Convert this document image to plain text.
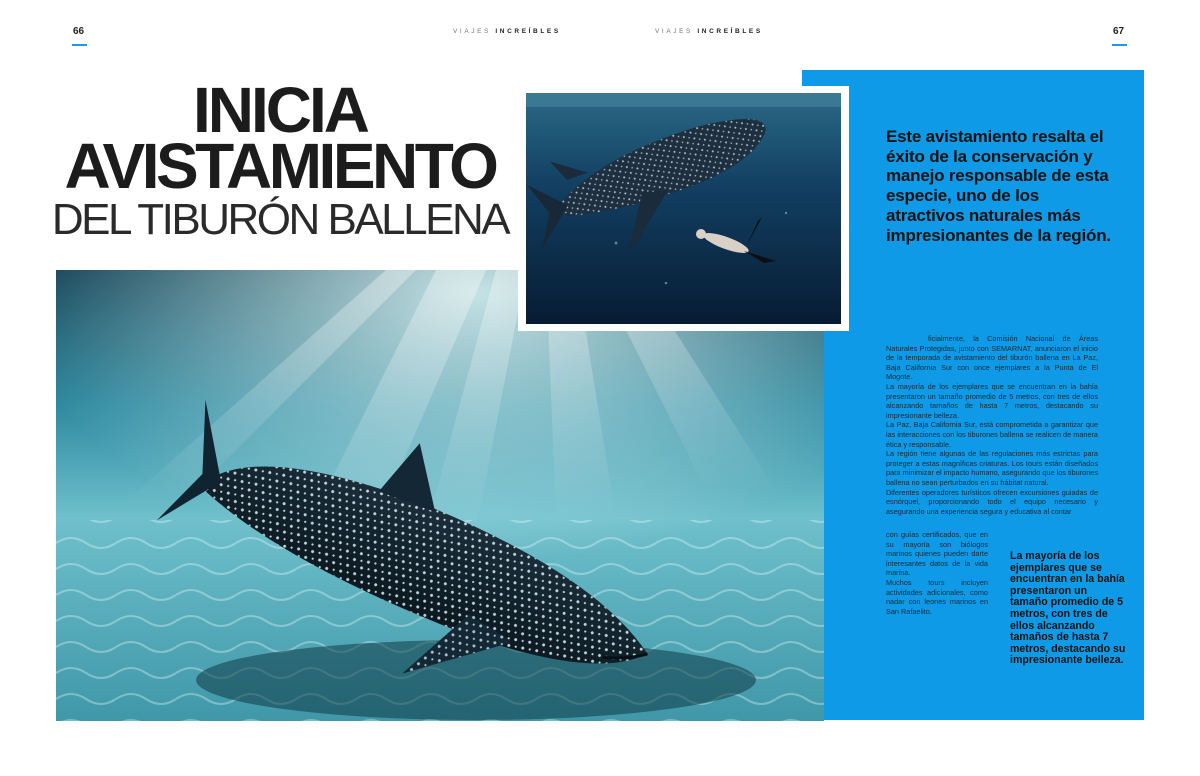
66	VIAJES INCREÍBLES	VIAJES INCREÍBLES	67
INICIA
AVISTAMIENTO
DEL TIBURÓN BALLENA

Este avistamiento resalta el éxito de la conservación y manejo responsable de esta especie, uno de los atractivos naturales más impresionantes de la región.

ficialmente, la Comisión Nacional de Áreas Naturales Protegidas, junto con SEMARNAT, anunciaron el inicio de la temporada de avistamiento del tiburón ballena en La Paz, Baja California Sur con once ejemplares a la Punta de El Mogote.

La mayoría de los ejemplares que se encuentran en la bahía presentaron un tamaño promedio de 5 metros, con tres de ellos alcanzando tamaños de hasta 7 metros, destacando su impresionante belleza.

La Paz, Baja California Sur, está comprometida a garantizar que las interacciones con los tiburones ballena se realicen de manera ética y responsable.

La región tiene algunas de las regulaciones más estrictas para proteger a estas magníficas criaturas. Los tours están diseñados para minimizar el impacto humano, asegurando que los tiburones ballena no sean perturbados en su hábitat natural.

Diferentes operadores turísticos ofrecen excursiones guiadas de esnórquel, proporcionando todo el equipo necesario y asegurando una experiencia segura y educativa al contar

con guías certificados, que en su mayoría son biólogos marinos quienes pueden darte interesantes datos de la vida marina.

Muchos tours incluyen actividades adicionales, como nadar con leones marinos en San Rafaelito.

La mayoría de los ejemplares que se encuentran en la bahía presentaron un tamaño promedio de 5 metros, con tres de ellos alcanzando tamaños de hasta 7 metros, destacando su impresionante belleza.
